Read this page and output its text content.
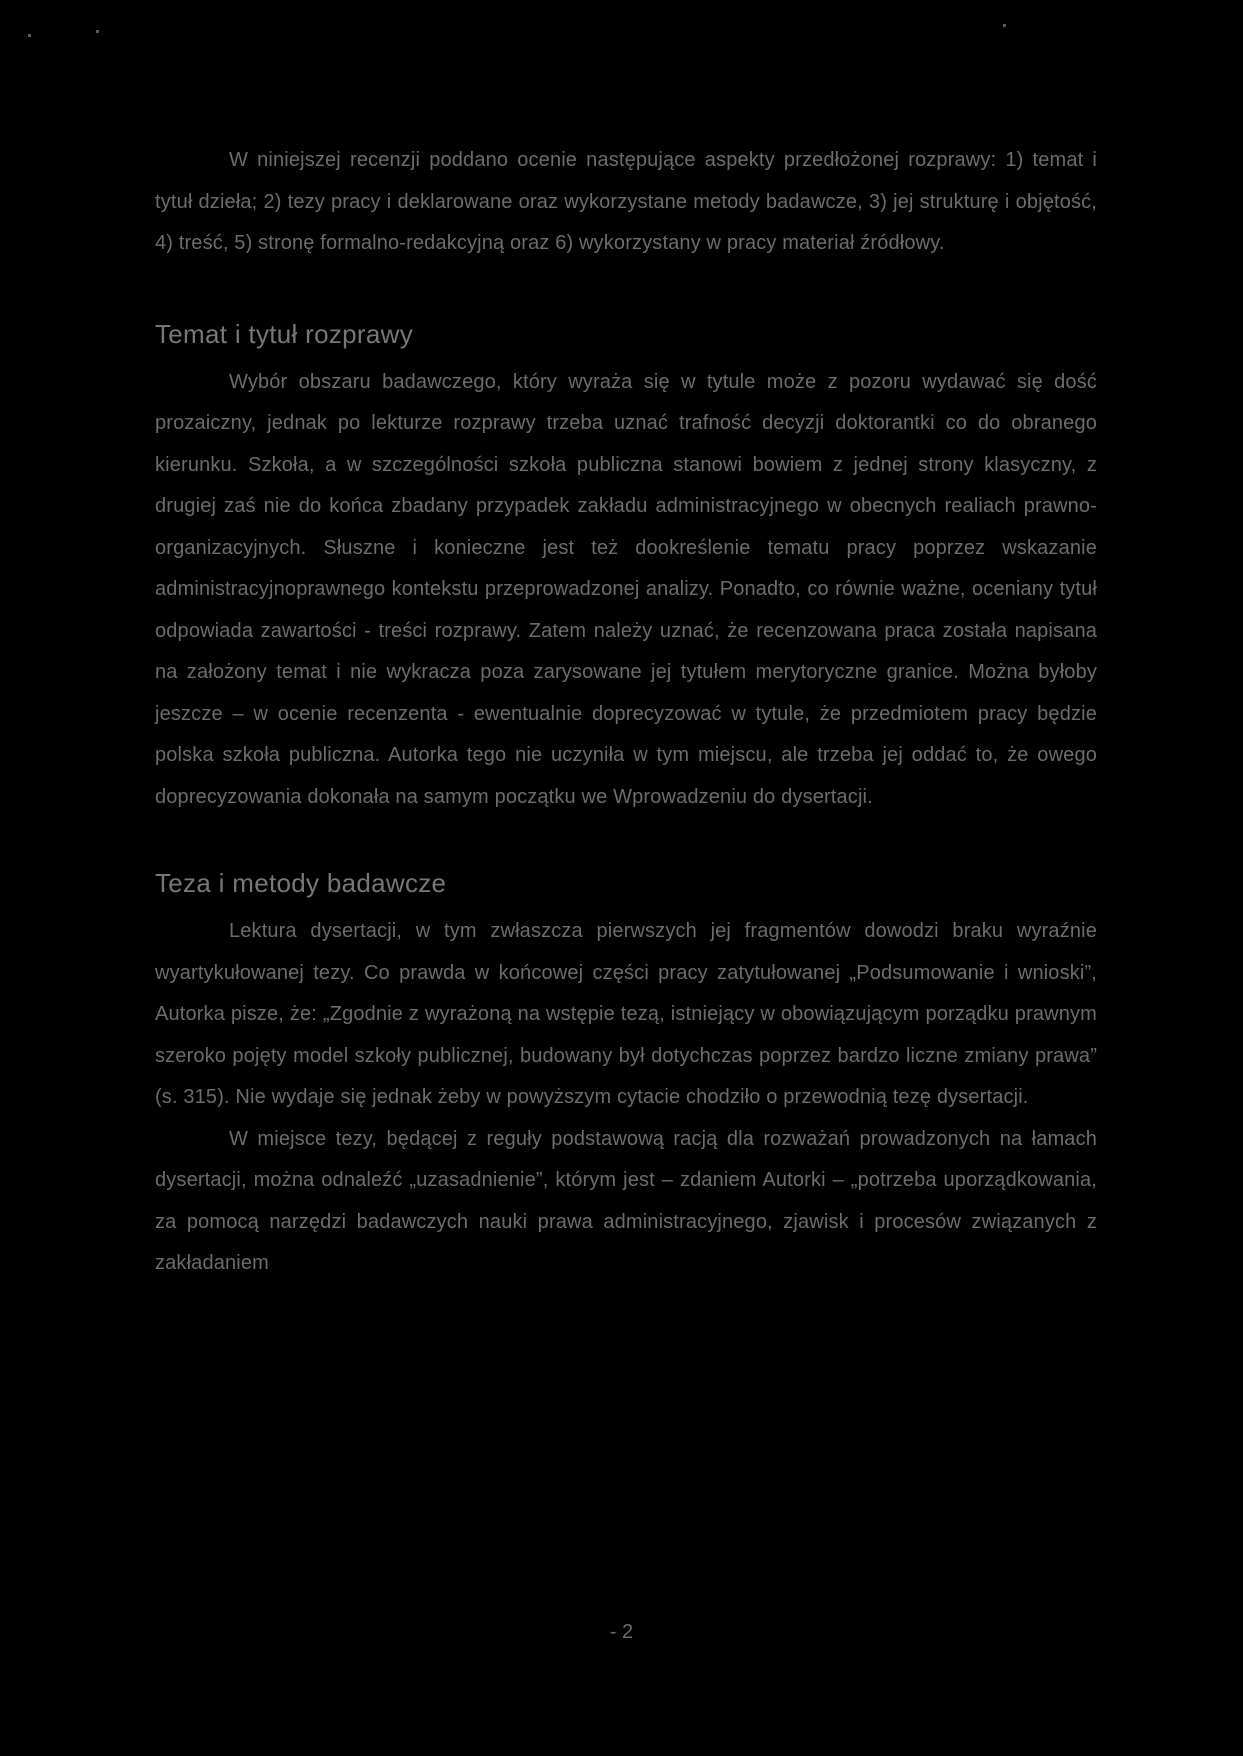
W niniejszej recenzji poddano ocenie następujące aspekty przedłożonej rozprawy: 1) temat i tytuł dzieła; 2) tezy pracy i deklarowane oraz wykorzystane metody badawcze, 3) jej strukturę i objętość, 4) treść, 5) stronę formalno-redakcyjną oraz 6) wykorzystany w pracy materiał źródłowy.

Temat i tytuł rozprawy

Wybór obszaru badawczego, który wyraża się w tytule może z pozoru wydawać się dość prozaiczny, jednak po lekturze rozprawy trzeba uznać trafność decyzji doktorantki co do obranego kierunku. Szkoła, a w szczególności szkoła publiczna stanowi bowiem z jednej strony klasyczny, z drugiej zaś nie do końca zbadany przypadek zakładu administracyjnego w obecnych realiach prawno-organizacyjnych. Słuszne i konieczne jest też dookreślenie tematu pracy poprzez wskazanie administracyjnoprawnego kontekstu przeprowadzonej analizy. Ponadto, co równie ważne, oceniany tytuł odpowiada zawartości - treści rozprawy. Zatem należy uznać, że recenzowana praca została napisana na założony temat i nie wykracza poza zarysowane jej tytułem merytoryczne granice. Można byłoby jeszcze – w ocenie recenzenta - ewentualnie doprecyzować w tytule, że przedmiotem pracy będzie polska szkoła publiczna. Autorka tego nie uczyniła w tym miejscu, ale trzeba jej oddać to, że owego doprecyzowania dokonała na samym początku we Wprowadzeniu do dysertacji.

Teza i metody badawcze

Lektura dysertacji, w tym zwłaszcza pierwszych jej fragmentów dowodzi braku wyraźnie wyartykułowanej tezy. Co prawda w końcowej części pracy zatytułowanej „Podsumowanie i wnioski”, Autorka pisze, że: „Zgodnie z wyrażoną na wstępie tezą, istniejący w obowiązującym porządku prawnym szeroko pojęty model szkoły publicznej, budowany był dotychczas poprzez bardzo liczne zmiany prawa” (s. 315). Nie wydaje się jednak żeby w powyższym cytacie chodziło o przewodnią tezę dysertacji.

W miejsce tezy, będącej z reguły podstawową racją dla rozważań prowadzonych na łamach dysertacji, można odnaleźć „uzasadnienie”, którym jest – zdaniem Autorki – „potrzeba uporządkowania, za pomocą narzędzi badawczych nauki prawa administracyjnego, zjawisk i procesów związanych z zakładaniem

- 2
